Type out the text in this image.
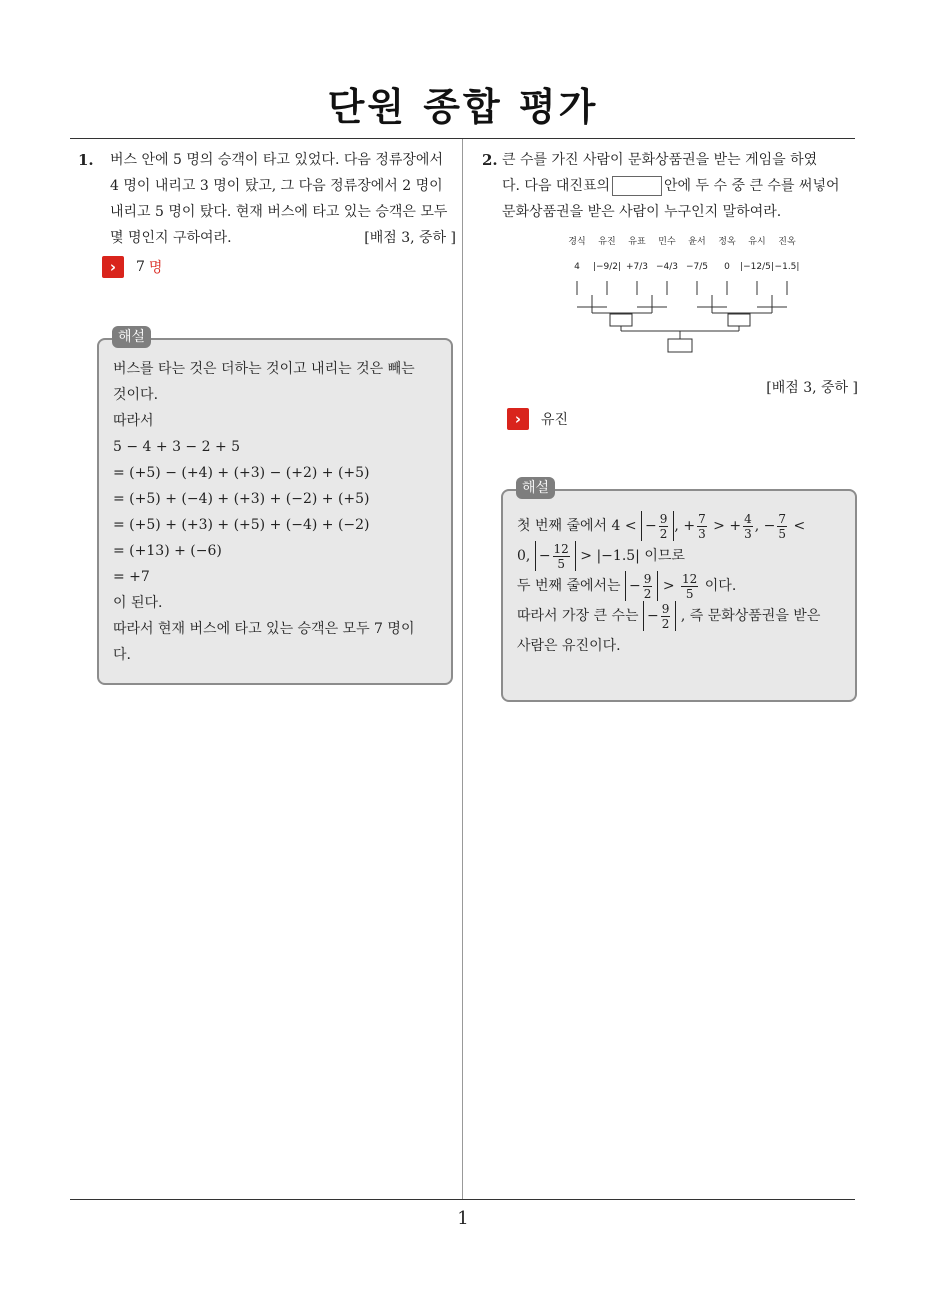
단원 종합 평가
1
1. 버스 안에 5 명의 승객이 타고 있었다. 다음 정류장에서
4 명이 내리고 3 명이 탔고, 그 다음 정류장에서 2 명이
내리고 5 명이 탔다. 현재 버스에 타고 있는 승객은 모두
몇 명인지 구하여라.	[배점 3, 중하 ]
›	7 명
버스를 타는 것은 더하는 것이고 내리는 것은 빼는
것이다.
따라서
5 − 4 + 3 − 2 + 5
= (+5) − (+4) + (+3) − (+2) + (+5)
= (+5) + (−4) + (+3) + (−2) + (+5)
= (+5) + (+3) + (+5) + (−4) + (−2)
= (+13) + (−6)
= +7
이 된다.
따라서 현재 버스에 타고 있는 승객은 모두 7 명이
다.
해설
2. 큰 수를 가진 사람이 문화상품권을 받는 게임을 하였
다. 다음 대진표의	안에 두 수 중 큰 수를 써넣어
문화상품권을 받은 사람이 누구인지 말하여라.
경식 유진 유표 민수 윤서 정옥 유시 진옥
4 |−9/2| +7/3 −4/3 −7/5 0 |−12/5| −1.5|
[배점 3, 중하 ]
›	유진
첫 번째 줄에서 4 < − $\frac{9}{2}$ , + $\frac{7}{3}$ > + $\frac{4}{3}$ , − $\frac{7}{5}$ <
0, − $\frac{12}{5} > |-1.5|$ 이므로
두 번째 줄에서는 − $\frac{9}{2} > \frac{12}{5}$ 이다.
따라서 가장 큰 수는 − $\frac{9}{2}$ , 즉 문화상품권을 받은
사람은 유진이다.
해설
